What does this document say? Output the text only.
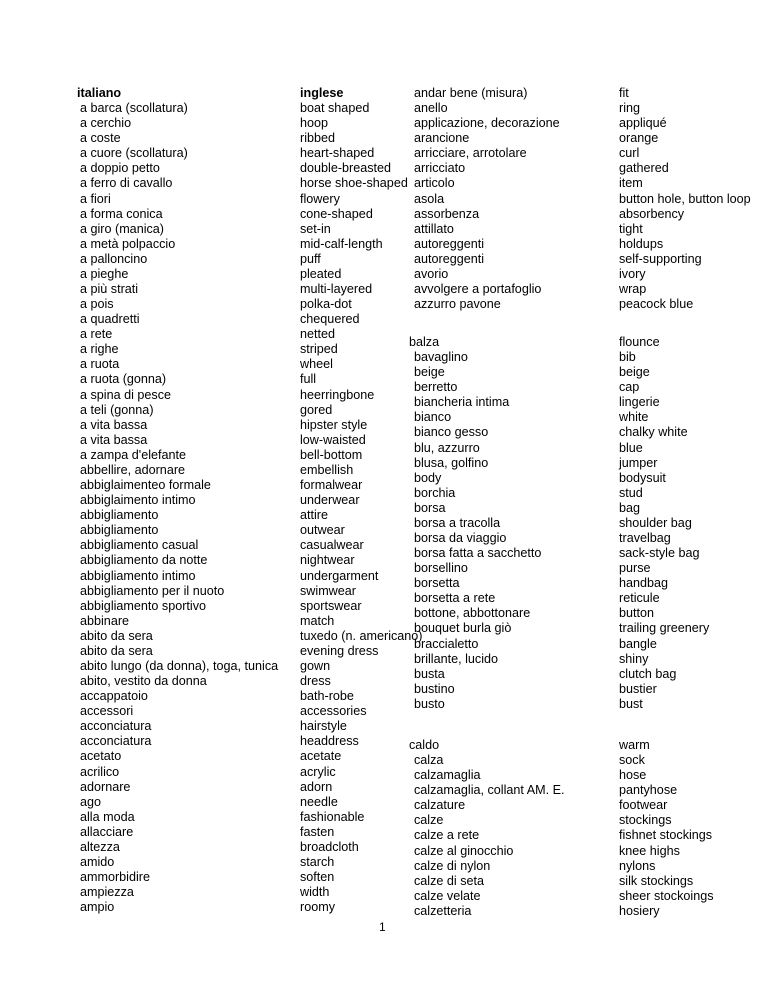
italiano
a barca (scollatura)
a cerchio
a coste
a cuore (scollatura)
a doppio petto
a ferro di cavallo
a fiori
a forma conica
a giro (manica)
a metà polpaccio
a palloncino
a pieghe
a più strati
a pois
a quadretti
a rete
a righe
a ruota
a ruota (gonna)
a spina di pesce
a teli (gonna)
a vita bassa
a vita bassa
a zampa d'elefante
abbellire, adornare
abbiglaimenteo formale
abbiglaimento intimo
abbigliamento
abbigliamento
abbigliamento casual
abbigliamento da notte
abbigliamento intimo
abbigliamento per il nuoto
abbigliamento sportivo
abbinare
abito da sera
abito da sera
abito lungo (da donna), toga, tunica
abito, vestito da donna
accappatoio
accessori
acconciatura
acconciatura
acetato
acrilico
adornare
ago
alla moda
allacciare
altezza
amido
ammorbidire
ampiezza
ampio
inglese
boat shaped
hoop
ribbed
heart-shaped
double-breasted
horse shoe-shaped
flowery
cone-shaped
set-in
mid-calf-length
puff
pleated
multi-layered
polka-dot
chequered
netted
striped
wheel
full
heerringbone
gored
hipster style
low-waisted
bell-bottom
embellish
formalwear
underwear
attire
outwear
casualwear
nightwear
undergarment
swimwear
sportswear
match
tuxedo (n. americano)
evening dress
gown
dress
bath-robe
accessories
hairstyle
headdress
acetate
acrylic
adorn
needle
fashionable
fasten
broadcloth
starch
soften
width
roomy
andar bene (misura)
anello
applicazione, decorazione
arancione
arricciare, arrotolare
arricciato
articolo
asola
assorbenza
attillato
autoreggenti
autoreggenti
avorio
avvolgere a portafoglio
azzurro pavone
fit
ring
appliqué
orange
curl
gathered
item
button hole, button loop
absorbency
tight
holdups
self-supporting
ivory
wrap
peacock blue
balza
bavaglino
beige
berretto
biancheria intima
bianco
bianco gesso
blu, azzurro
blusa, golfino
body
borchia
borsa
borsa a tracolla
borsa da viaggio
borsa fatta a sacchetto
borsellino
borsetta
borsetta a rete
bottone, abbottonare
bouquet burla giò
braccialetto
brillante, lucido
busta
bustino
busto
flounce
bib
beige
cap
lingerie
white
chalky white
blue
jumper
bodysuit
stud
bag
shoulder bag
travelbag
sack-style bag
purse
handbag
reticule
button
trailing greenery
bangle
shiny
clutch bag
bustier
bust
caldo
calza
calzamaglia
calzamaglia, collant AM. E.
calzature
calze
calze a rete
calze al ginocchio
calze di nylon
calze di seta
calze velate
calzetteria
warm
sock
hose
pantyhose
footwear
stockings
fishnet stockings
knee highs
nylons
silk stockings
sheer stockoings
hosiery
1
